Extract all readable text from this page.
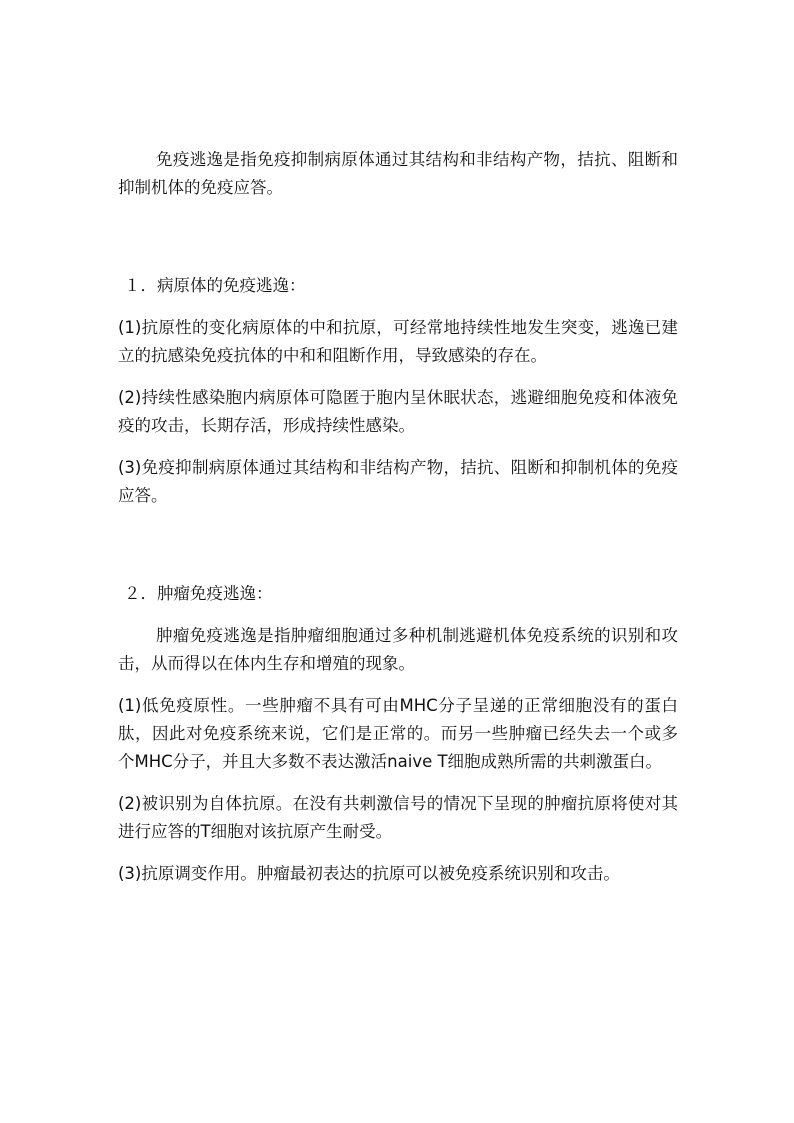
免疫逃逸是指免疫抑制病原体通过其结构和非结构产物，拮抗、阻断和抑制机体的免疫应答。

１．病原体的免疫逃逸：

(1)抗原性的变化病原体的中和抗原，可经常地持续性地发生突变，逃逸已建立的抗感染免疫抗体的中和和阻断作用，导致感染的存在。

(2)持续性感染胞内病原体可隐匿于胞内呈休眠状态，逃避细胞免疫和体液免疫的攻击，长期存活，形成持续性感染。

(3)免疫抑制病原体通过其结构和非结构产物，拮抗、阻断和抑制机体的免疫应答。

２．肿瘤免疫逃逸：

肿瘤免疫逃逸是指肿瘤细胞通过多种机制逃避机体免疫系统的识别和攻击，从而得以在体内生存和增殖的现象。

(1)低免疫原性。一些肿瘤不具有可由MHC分子呈递的正常细胞没有的蛋白肽，因此对免疫系统来说，它们是正常的。而另一些肿瘤已经失去一个或多个MHC分子，并且大多数不表达激活naive T细胞成熟所需的共刺激蛋白。

(2)被识别为自体抗原。在没有共刺激信号的情况下呈现的肿瘤抗原将使对其进行应答的T细胞对该抗原产生耐受。

(3)抗原调变作用。肿瘤最初表达的抗原可以被免疫系统识别和攻击。
